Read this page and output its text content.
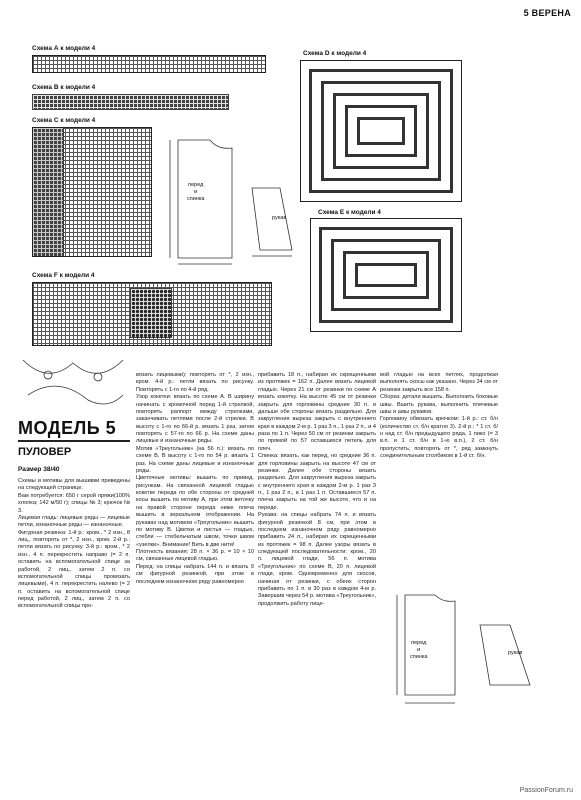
5 ВЕРЕНА
Схема А к модели 4
Схема В к модели 4
Схема С к модели 4
перед
и
спинка
рукав
Схема D к модели 4
Схема Е к модели 4
Схема F к модели 4
МОДЕЛЬ 5
ПУЛОВЕР
Размер 38/40
Схемы и мотивы для вышивки приведены на следующей странице.
Вам потребуется: 650 г серой пряжи(100% хлопка; 142 м/50 г); спицы № 3; крючок № 3.
Лицевая гладь: лицевые ряды — лицевые петли, изнаночные ряды — изнаночные.
Фигурная резинка: 1-й р.: кром., * 2 изн., 8 лиц., повторять от *, 2 изн., кром. 2-й р.: петли вязать по рисунку. 3-й р.: кром., * 2 изн., 4 п. перекрестить направо (= 2 п. оставить на вспомогательной спице за работой, 2 лиц., затем 2 п. со вспомогательной спицы провязать лицевыми), 4 п. перекрестить налево (= 2 п. оставить на вспомогательной спице перед работой, 2 лиц., затем 2 п. со вспомогательной спицы про-
вязать лицевыми); повторять от *, 2 изн., кром. 4-й р.: петли вязать по рисунку. Повторять с 1-го по 4-й ряд.
Узор кокетки: вязать по схеме А. В ширину начинать с кромочной перед 1-й стрелкой, повторять раппорт между стрелками, заканчивать петлями после 2-й стрелки. В высоту с 1-го по 66-й р. вязать 1 раз, затем повторять с 57-го по 66 р. На схеме даны лицевые и изнаночные ряды.
Мотив «Треугольник» (на 56 п.): вязать по схеме В. В высоту с 1-го по 54 р. вязать 1 раз. На схеме даны лицевые и изнаночные ряды.
Цветочные мотивы: вышить по привед. рисункам. На связанной лицевой гладью кокетке переда по обе стороны от средней косы вышить по мотиву А, при этом веточку на правой стороне переда ниже плеча вышить в зеркальном отображении. На рукавах над мотивом «Треугольник» вышить по мотиву В. Цветки и листья — гладью, стебли — стебельчатым швом, точки швом «узелки». Внимание! Вить в две нити!
Плотность вязания: 28 п. × 36 р. = 10 × 10 см, связанные лицевой гладью.
Перед: на спицы набрать 144 п. и вязать 9 см фигурной резинкой, при этом в последнем изнаночном ряду равномерно
прибавить 18 п., набирая их скрещенными из протяжек = 162 п. Далее вязать лицевой гладью. Через 21 см от резинки по схеме А вязать кокетку. На высоте 45 см от резинки закрыть для горловины средние 30 п. и дальше обе стороны вязать раздельно. Для закругления выреза закрыть с внутреннего края в каждом 2-м р. 1 раз 3 п., 1 раз 2 п., и 4 раза по 1 п. Через 50 см от резинки закрыть по прямой по 57 оставшихся петель для плеч.
Спинка: вязать, как перед, но средние 36 п. для горловины закрыть на высоте 47 см от резинки. Далее обе стороны вязать раздельно. Для закругления выреза закрыть с внутреннего края в каждом 2-м р. 1 раз 3 п., 1 раз 2 п., и 1 раз 1 п. Оставшиеся 57 п. плеча закрыть на той же высоте, что и на переде.
Рукава: на спицы набрать 74 п. и вязать фигурной резинкой 8 см, при этом в последнем изнаночном ряду равномерно прибавить 24 п., набирая их скрещенными из протяжек = 98 п. Далее узоры вязать в следующей последовательности: кром., 20 п. лицевой глади, 56 п. мотива «Треугольник» по схеме В, 20 п. лицевой глади, кром. Одновременно для скосов, начиная от резинки, с обеих сторон прибавить по 1 п. в 30 раз в каждом 4-м р. Завершив через 54 р. мотива «Треугольник», продолжить работу лице-
вой гладью на всех петлях, продолжая выполнять скосы как указано. Через 34 см от резинки закрыть все 158 п.
Сборка: детали вышить. Выполнить боковые швы. Вшить рукава, выполнить плечевые швы и швы рукавов.
Горловину обвязать крючком: 1-й р.: ст. б/н (количество ст. б/н кратно 3). 2-й р.: * 1 ст. б/н над ст. б/н предыдущего ряда, 1 пико (= 3 в.п. и 1 ст. б/н в 1-ю в.п.), 2 ст. б/н пропустить; повторять от *, ряд замкнуть соединительным столбиком в 1-й ст. б/н.
перед
и
спинка
рукав
PassionForum.ru
